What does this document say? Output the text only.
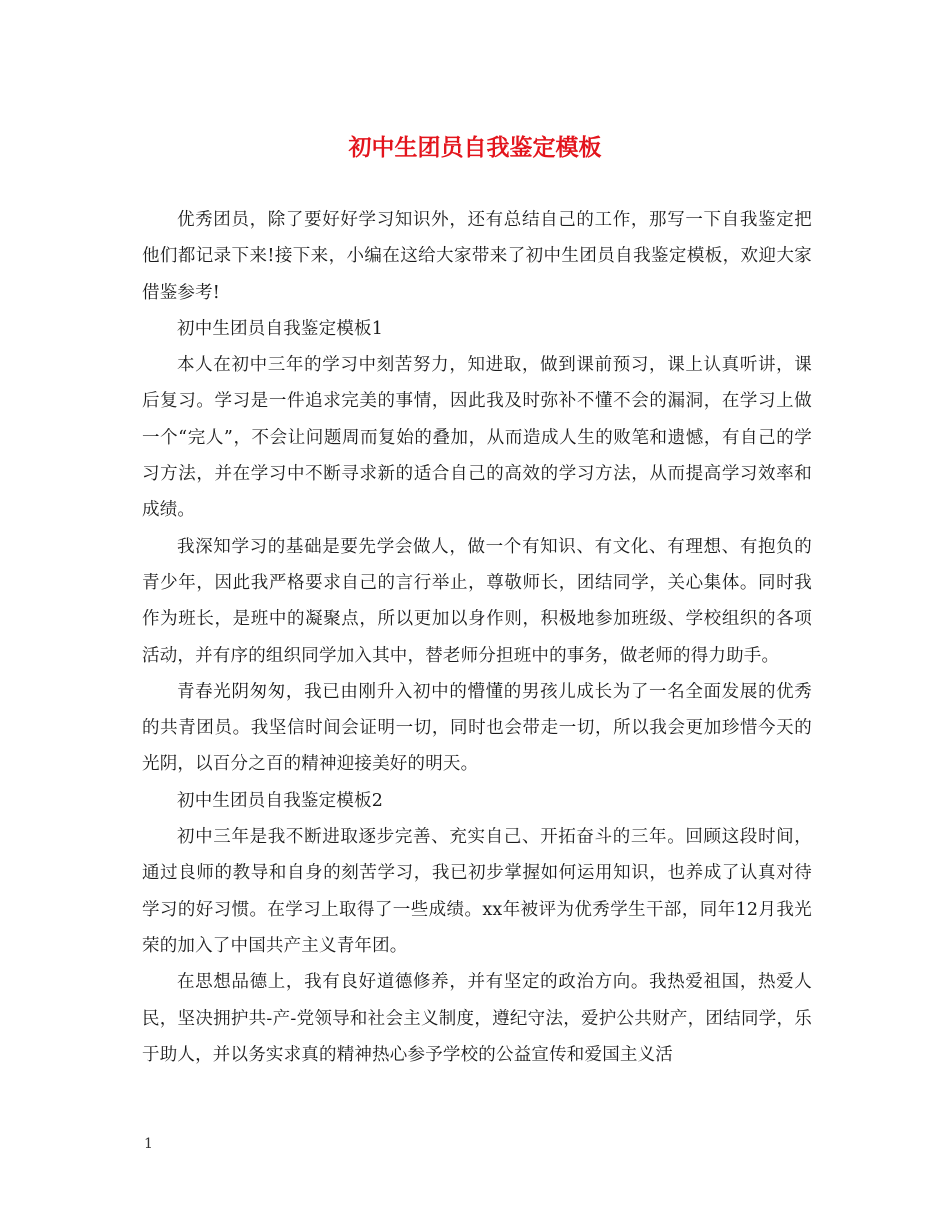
初中生团员自我鉴定模板

优秀团员，除了要好好学习知识外，还有总结自己的工作，那写一下自我鉴定把他们都记录下来!接下来，小编在这给大家带来了初中生团员自我鉴定模板，欢迎大家借鉴参考!

初中生团员自我鉴定模板1

本人在初中三年的学习中刻苦努力，知进取，做到课前预习，课上认真听讲，课后复习。学习是一件追求完美的事情，因此我及时弥补不懂不会的漏洞，在学习上做一个“完人”，不会让问题周而复始的叠加，从而造成人生的败笔和遗憾，有自己的学习方法，并在学习中不断寻求新的适合自己的高效的学习方法，从而提高学习效率和成绩。

我深知学习的基础是要先学会做人，做一个有知识、有文化、有理想、有抱负的青少年，因此我严格要求自己的言行举止，尊敬师长，团结同学，关心集体。同时我作为班长，是班中的凝聚点，所以更加以身作则，积极地参加班级、学校组织的各项活动，并有序的组织同学加入其中，替老师分担班中的事务，做老师的得力助手。

青春光阴匆匆，我已由刚升入初中的懵懂的男孩儿成长为了一名全面发展的优秀的共青团员。我坚信时间会证明一切，同时也会带走一切，所以我会更加珍惜今天的光阴，以百分之百的精神迎接美好的明天。

初中生团员自我鉴定模板2

初中三年是我不断进取逐步完善、充实自己、开拓奋斗的三年。回顾这段时间，通过良师的教导和自身的刻苦学习，我已初步掌握如何运用知识，也养成了认真对待学习的好习惯。在学习上取得了一些成绩。xx年被评为优秀学生干部，同年12月我光荣的加入了中国共产主义青年团。

在思想品德上，我有良好道德修养，并有坚定的政治方向。我热爱祖国，热爱人民，坚决拥护共-产-党领导和社会主义制度，遵纪守法，爱护公共财产，团结同学，乐于助人，并以务实求真的精神热心参予学校的公益宣传和爱国主义活

1
